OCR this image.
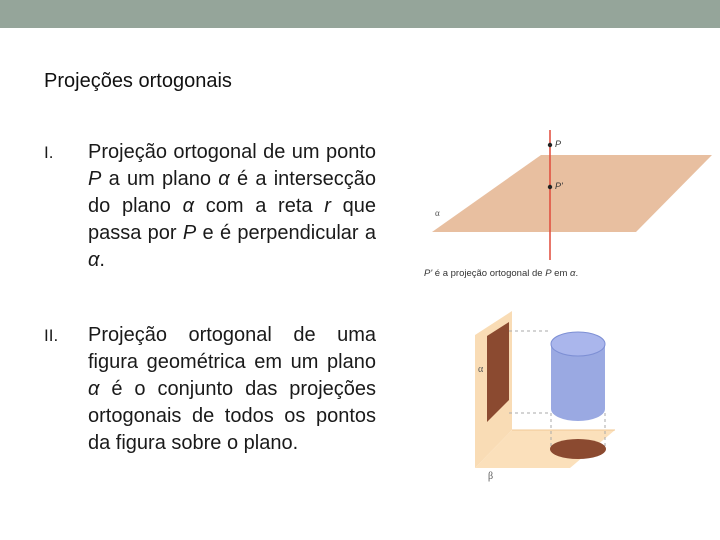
Projeções ortogonais
I. Projeção ortogonal de um ponto P a um plano α é a intersecção do plano α com a reta r que passa por P e é perpendicular a α.
II. Projeção ortogonal de uma figura geométrica em um plano α é o conjunto das projeções ortogonais de todos os pontos da figura sobre o plano.
P
P'
α
P' é a projeção ortogonal de P em α.
α
β
